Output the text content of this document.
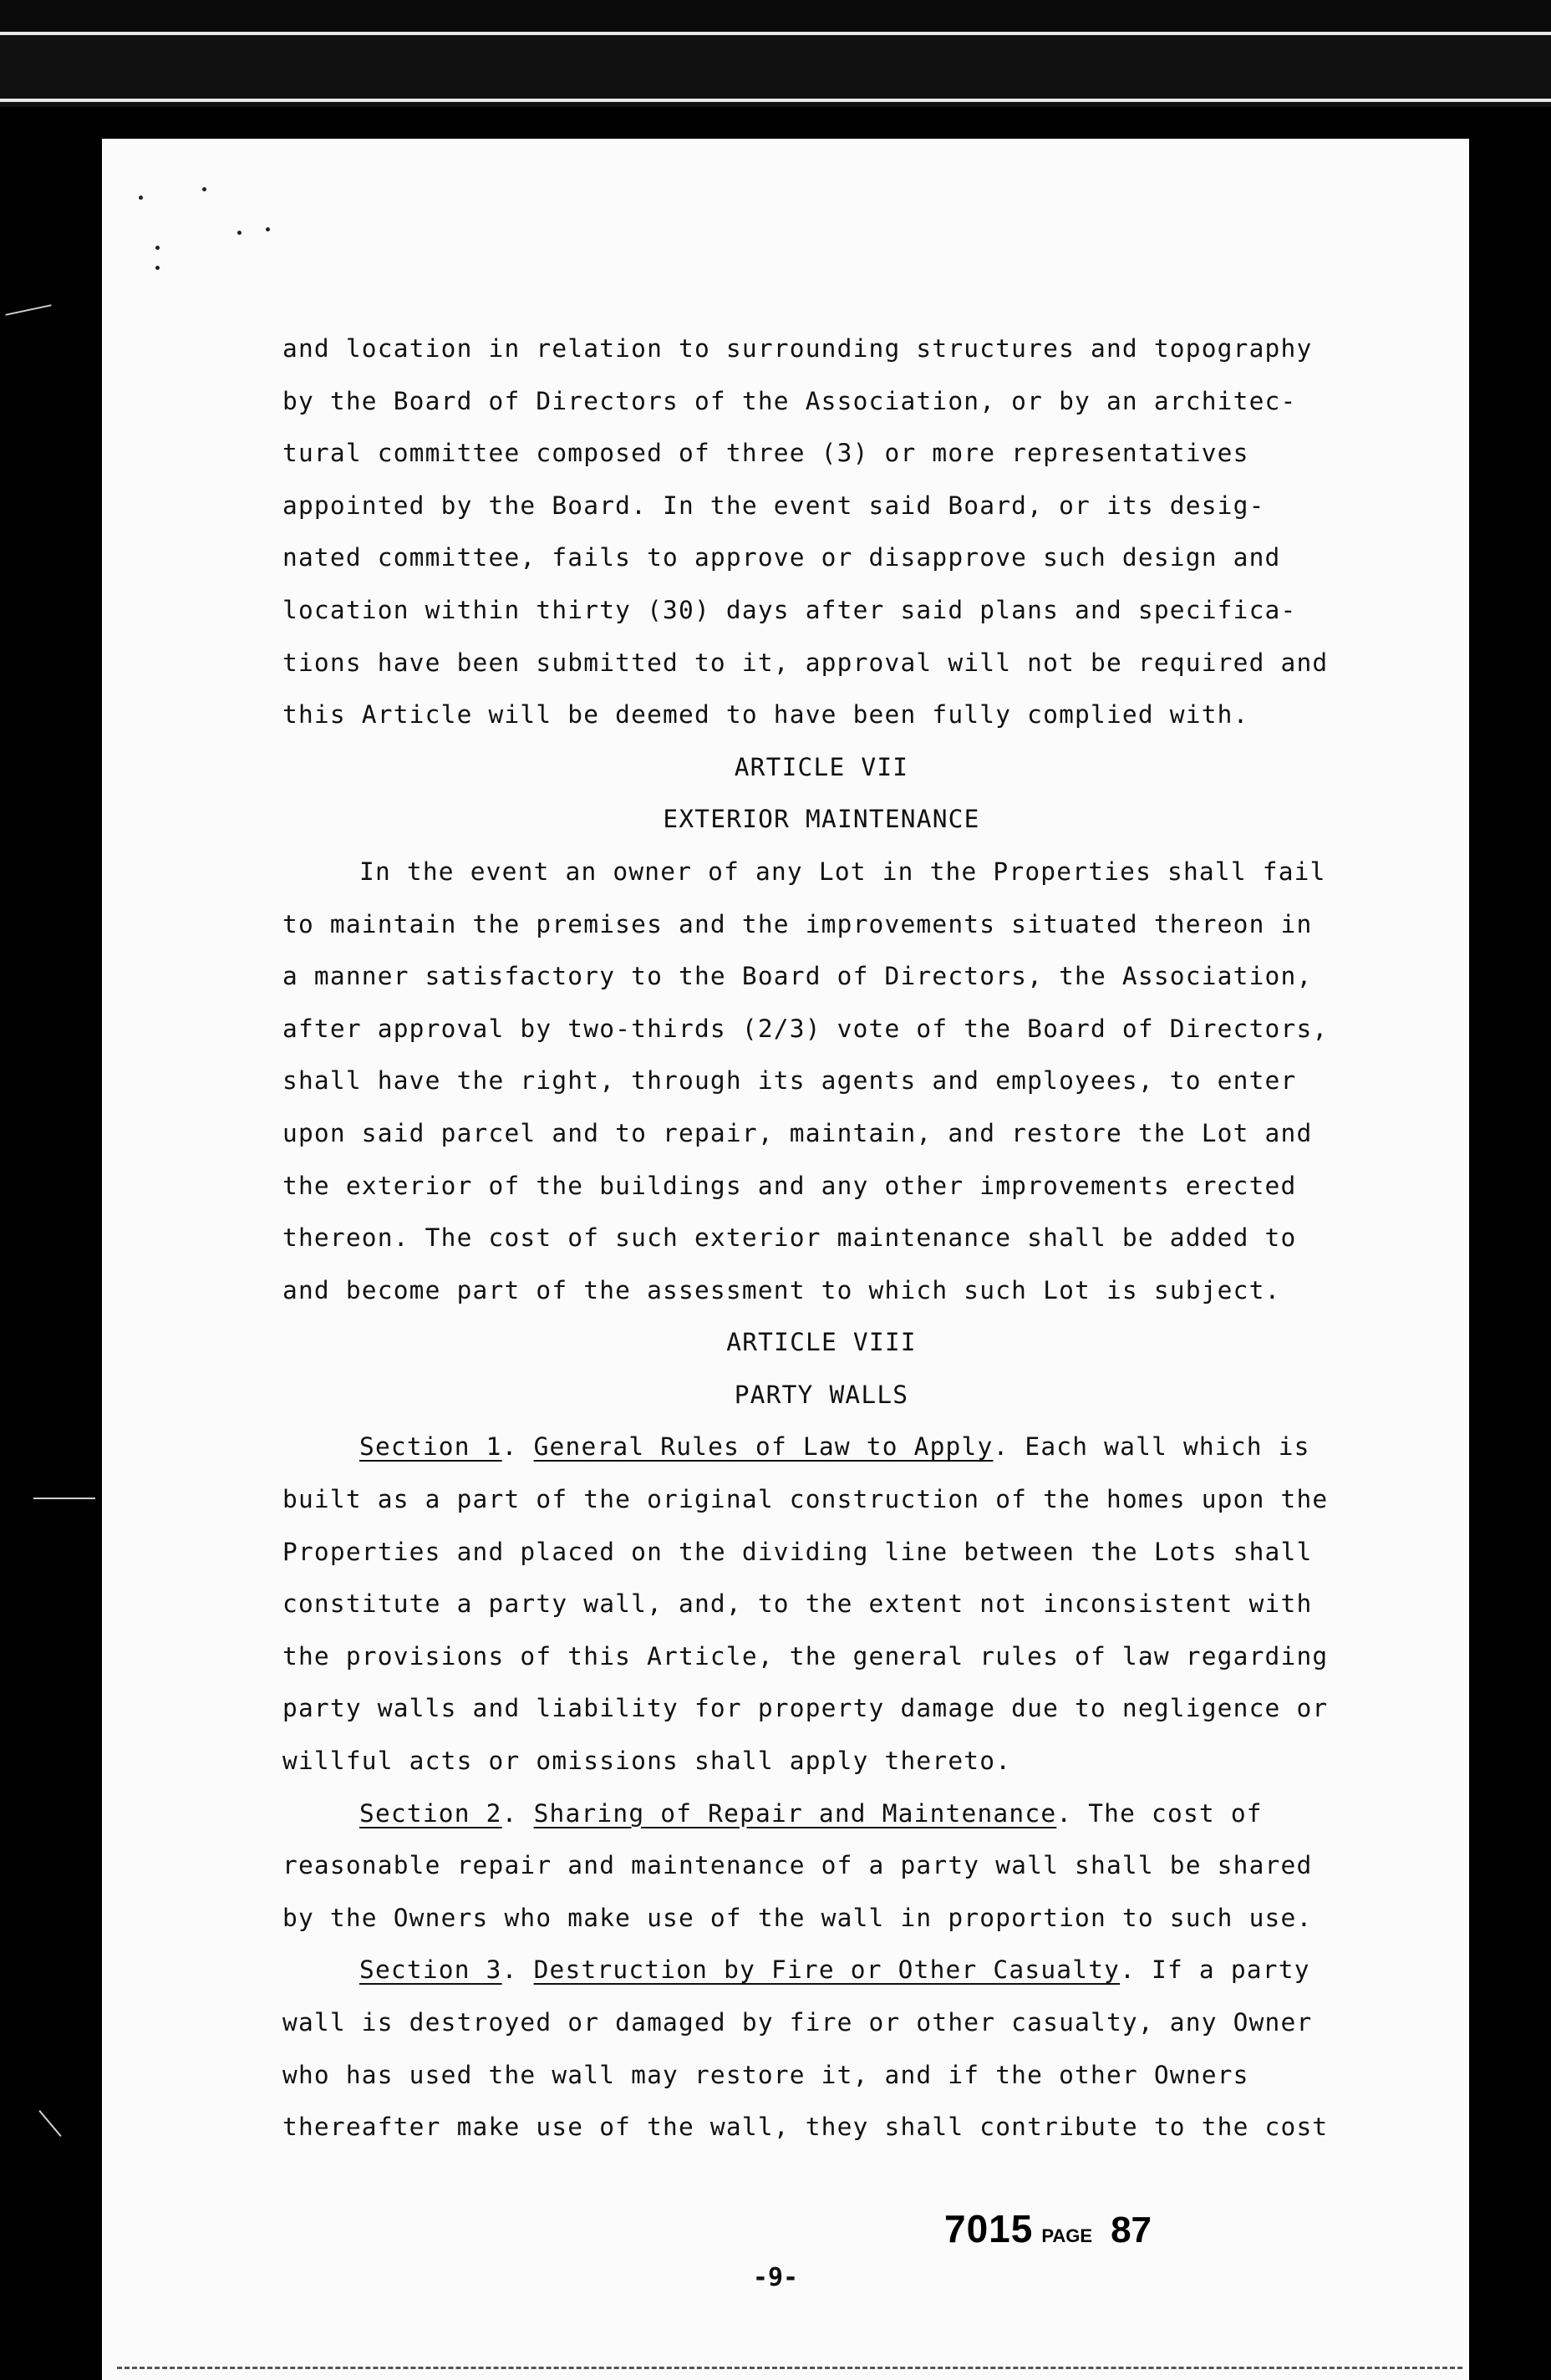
and location in relation to surrounding structures and topography
by the Board of Directors of the Association, or by an architec-
tural committee composed of three (3) or more representatives
appointed by the Board. In the event said Board, or its desig-
nated committee, fails to approve or disapprove such design and
location within thirty (30) days after said plans and specifica-
tions have been submitted to it, approval will not be required and
this Article will be deemed to have been fully complied with.
ARTICLE VII
EXTERIOR MAINTENANCE
In the event an owner of any Lot in the Properties shall fail
to maintain the premises and the improvements situated thereon in
a manner satisfactory to the Board of Directors, the Association,
after approval by two-thirds (2/3) vote of the Board of Directors,
shall have the right, through its agents and employees, to enter
upon said parcel and to repair, maintain, and restore the Lot and
the exterior of the buildings and any other improvements erected
thereon. The cost of such exterior maintenance shall be added to
and become part of the assessment to which such Lot is subject.
ARTICLE VIII
PARTY WALLS
Section 1. General Rules of Law to Apply. Each wall which is
built as a part of the original construction of the homes upon the
Properties and placed on the dividing line between the Lots shall
constitute a party wall, and, to the extent not inconsistent with
the provisions of this Article, the general rules of law regarding
party walls and liability for property damage due to negligence or
willful acts or omissions shall apply thereto.
Section 2. Sharing of Repair and Maintenance. The cost of
reasonable repair and maintenance of a party wall shall be shared
by the Owners who make use of the wall in proportion to such use.
Section 3. Destruction by Fire or Other Casualty. If a party
wall is destroyed or damaged by fire or other casualty, any Owner
who has used the wall may restore it, and if the other Owners
thereafter make use of the wall, they shall contribute to the cost
7015 PAGE 87
-9-
